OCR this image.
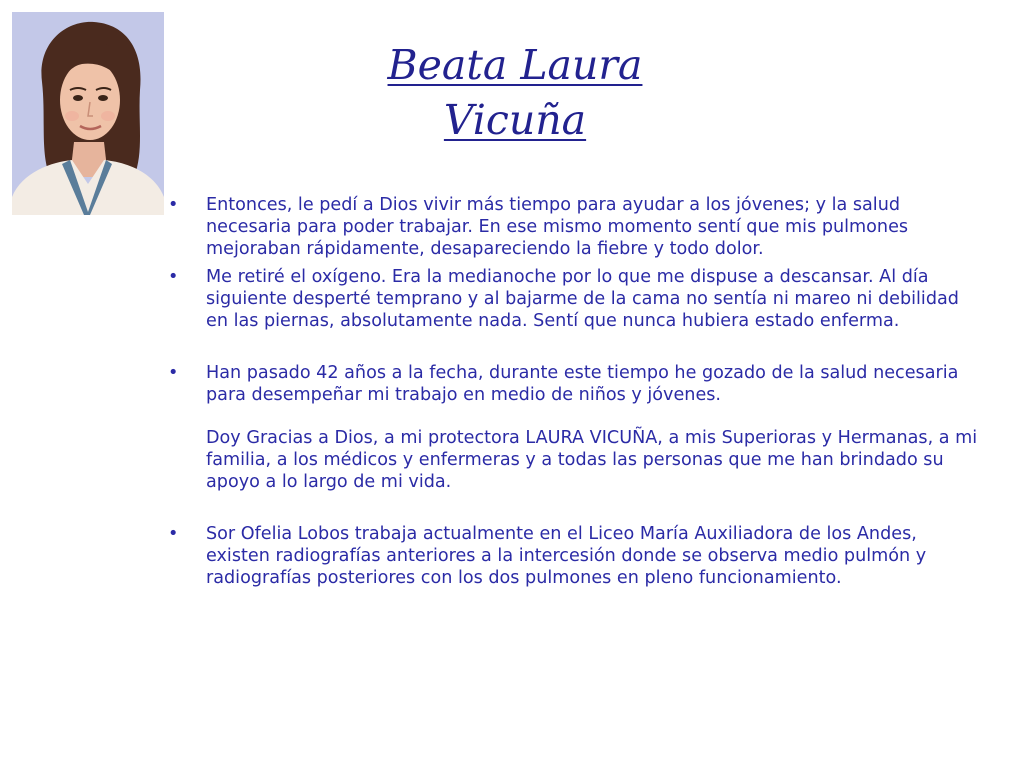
Beata Laura
Vicuña
•	Entonces, le pedí a Dios vivir más tiempo para ayudar a los jóvenes; y la salud necesaria para poder trabajar. En ese mismo momento sentí que mis pulmones mejoraban rápidamente, desapareciendo la fiebre y todo dolor.

•	Me retiré el oxígeno. Era la medianoche por lo que me dispuse a descansar. Al día siguiente desperté temprano y al bajarme de la cama no sentía ni mareo ni debilidad en las piernas, absolutamente nada. Sentí que nunca hubiera estado enferma.

•	Han pasado 42 años a la fecha, durante este tiempo he gozado de la salud necesaria para desempeñar mi trabajo en medio de niños y jóvenes.

Doy Gracias a Dios, a mi protectora LAURA VICUÑA, a mis Superioras y Hermanas, a mi familia, a los médicos y enfermeras y a todas las personas que me han brindado su apoyo a lo largo de mi vida.

•	Sor Ofelia Lobos trabaja actualmente en el Liceo María Auxiliadora de los Andes, existen radiografías anteriores a la intercesión donde se observa medio pulmón y radiografías posteriores con los dos pulmones en pleno funcionamiento.
